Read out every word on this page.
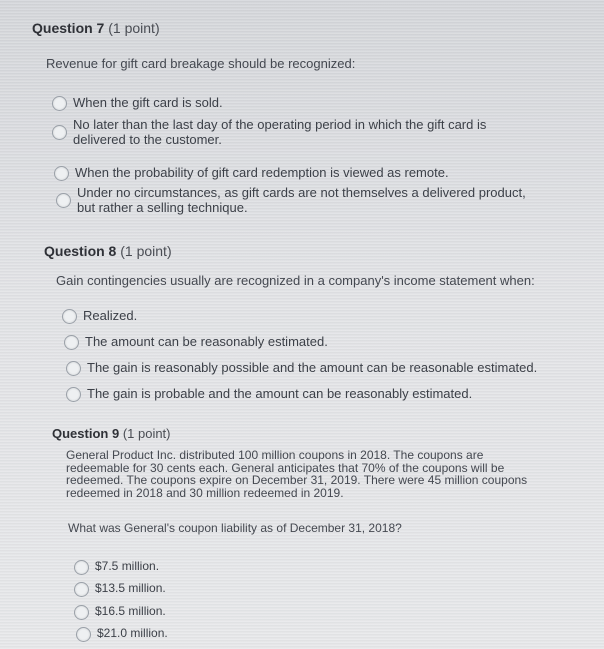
Question 7 (1 point)
Revenue for gift card breakage should be recognized:
When the gift card is sold.
No later than the last day of the operating period in which the gift card is delivered to the customer.
When the probability of gift card redemption is viewed as remote.
Under no circumstances, as gift cards are not themselves a delivered product, but rather a selling technique.
Question 8 (1 point)
Gain contingencies usually are recognized in a company's income statement when:
Realized.
The amount can be reasonably estimated.
The gain is reasonably possible and the amount can be reasonable estimated.
The gain is probable and the amount can be reasonably estimated.
Question 9 (1 point)
General Product Inc. distributed 100 million coupons in 2018. The coupons are redeemable for 30 cents each. General anticipates that 70% of the coupons will be redeemed. The coupons expire on December 31, 2019. There were 45 million coupons redeemed in 2018 and 30 million redeemed in 2019.
What was General's coupon liability as of December 31, 2018?
$7.5 million.
$13.5 million.
$16.5 million.
$21.0 million.
